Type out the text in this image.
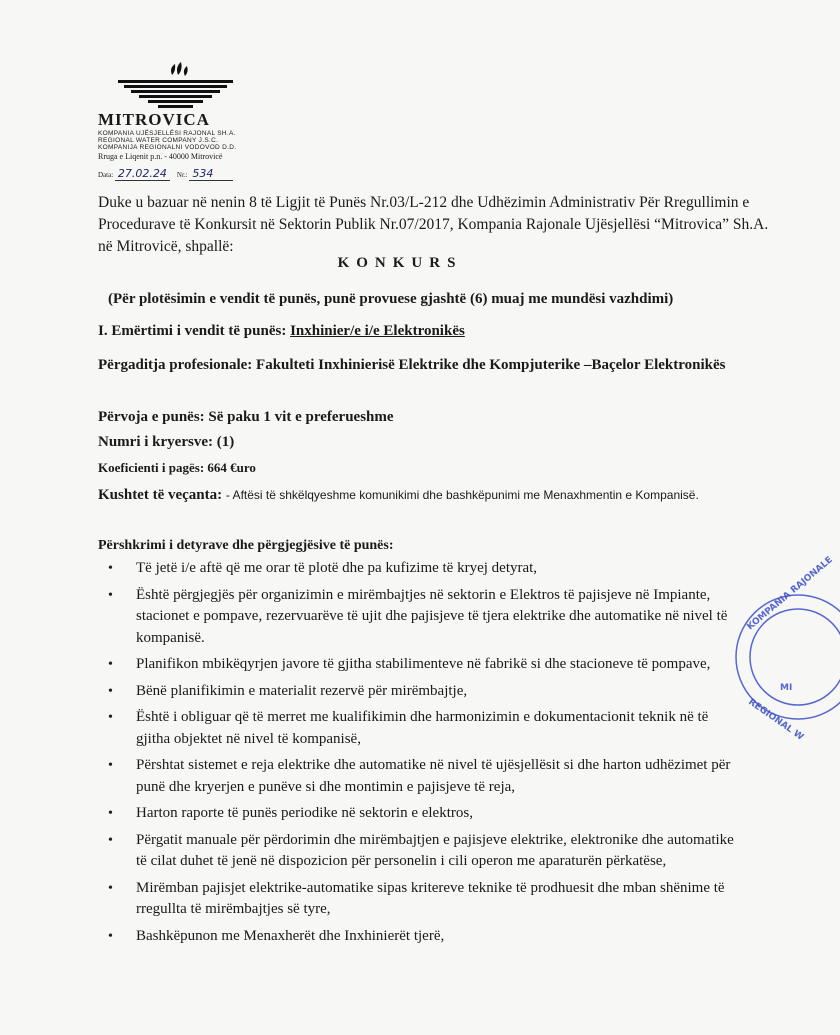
MITROVICA
KOMPANIA UJËSJELLËSI RAJONAL SH.A.
REGIONAL WATER COMPANY J.S.C.
KOMPANIJA REGIONALNI VODOVOD D.D.
Rruga e Liqenit p.n. - 40000 Mitrovicë
Data: 27.02.24 Nr.: 534
Duke u bazuar në nenin 8 të Ligjit të Punës Nr.03/L-212 dhe Udhëzimin Administrativ Për Rregullimin e Procedurave të Konkursit në Sektorin Publik Nr.07/2017, Kompania Rajonale Ujësjellësi “Mitrovica” Sh.A. në Mitrovicë, shpallë:
KONKURS
(Për plotësimin e vendit të punës, punë provuese gjashtë (6) muaj me mundësi vazhdimi)
I. Emërtimi i vendit të punës: Inxhinier/e i/e Elektronikës
Përgaditja profesionale: Fakulteti Inxhinierisë Elektrike dhe Kompjuterike –Baçelor Elektronikës
Përvoja e punës: Së paku 1 vit e preferueshme
Numri i kryersve: (1)
Koeficienti i pagës: 664 €uro
Kushtet të veçanta: - Aftësi të shkëlqyeshme komunikimi dhe bashkëpunimi me Menaxhmentin e Kompanisë.
Përshkrimi i detyrave dhe përgjegjësive të punës:
• Të jetë i/e aftë që me orar të plotë dhe pa kufizime të kryej detyrat,
• Është përgjegjës për organizimin e mirëmbajtjes në sektorin e Elektros të pajisjeve në Impiante, stacionet e pompave, rezervuarëve të ujit dhe pajisjeve të tjera elektrike dhe automatike në nivel të kompanisë.
• Planifikon mbikëqyrjen javore të gjitha stabilimenteve në fabrikë si dhe stacioneve të pompave,
• Bënë planifikimin e materialit rezervë për mirëmbajtje,
• Është i obliguar që të merret me kualifikimin dhe harmonizimin e dokumentacionit teknik në të gjitha objektet në nivel të kompanisë,
• Përshtat sistemet e reja elektrike dhe automatike në nivel të ujësjellësit si dhe harton udhëzimet për punë dhe kryerjen e punëve si dhe montimin e pajisjeve të reja,
• Harton raporte të punës periodike në sektorin e elektros,
• Përgatit manuale për përdorimin dhe mirëmbajtjen e pajisjeve elektrike, elektronike dhe automatike të cilat duhet të jenë në dispozicion për personelin i cili operon me aparaturën përkatëse,
• Mirëmban pajisjet elektrike-automatike sipas kritereve teknike të prodhuesit dhe mban shënime të rregullta të mirëmbajtjes së tyre,
• Bashkëpunon me Menaxherët dhe Inxhinierët tjerë,
KOMPANIA RAJONALE
REGIONAL W
MI
